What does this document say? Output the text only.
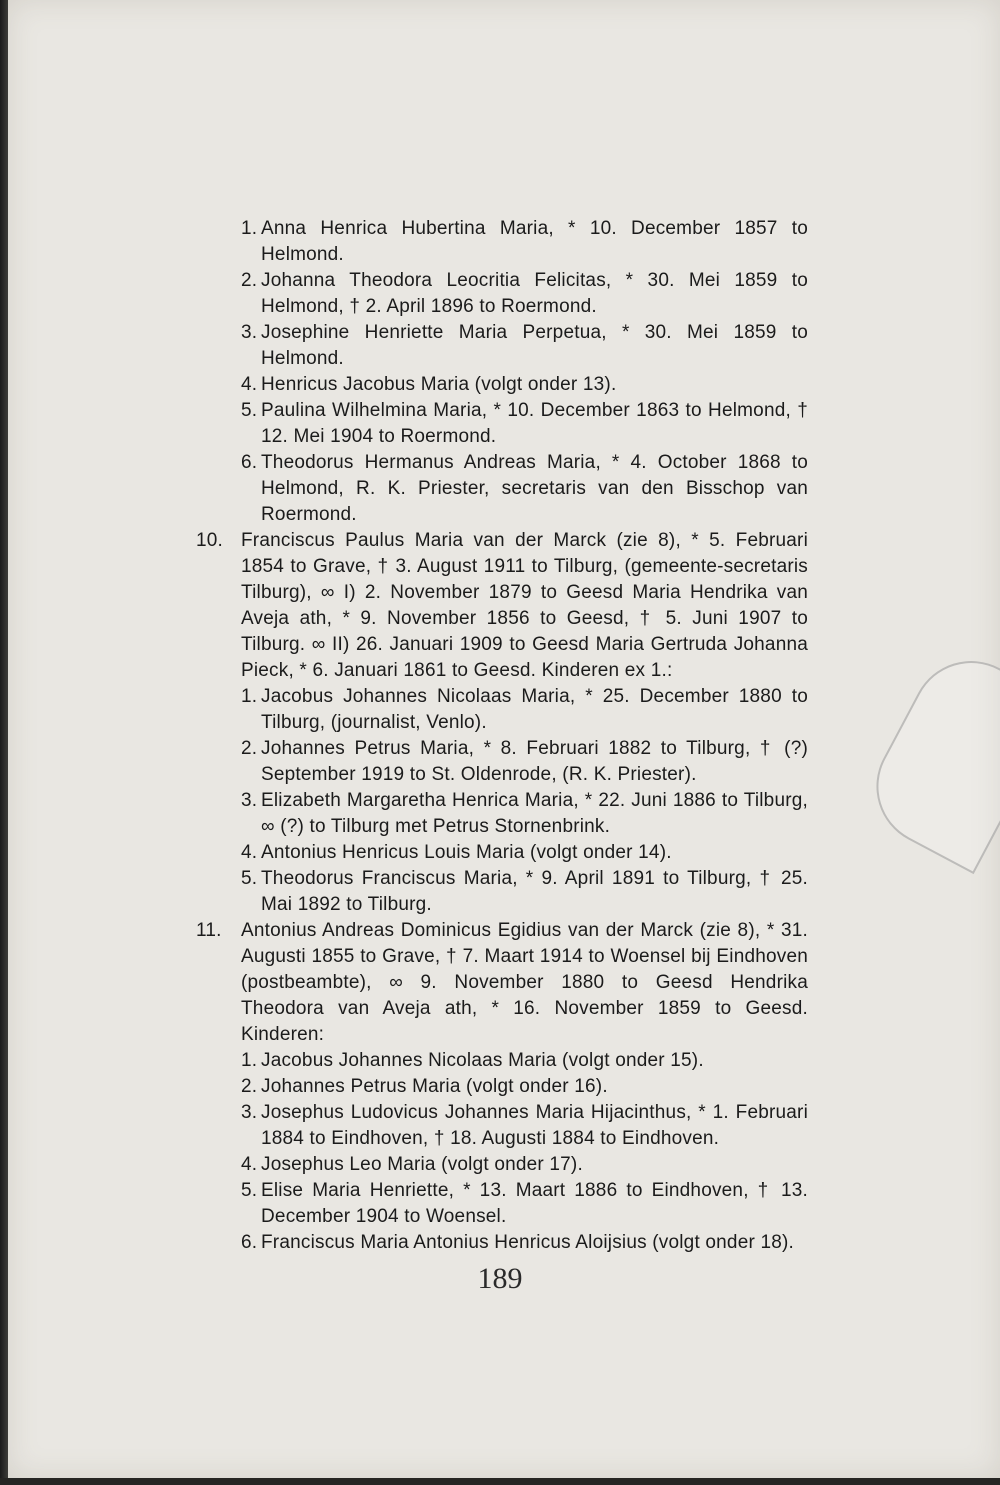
1. Anna Henrica Hubertina Maria, * 10. December 1857 to Helmond.
2. Johanna Theodora Leocritia Felicitas, * 30. Mei 1859 to Helmond, † 2. April 1896 to Roermond.
3. Josephine Henriette Maria Perpetua, * 30. Mei 1859 to Helmond.
4. Henricus Jacobus Maria (volgt onder 13).
5. Paulina Wilhelmina Maria, * 10. December 1863 to Helmond, † 12. Mei 1904 to Roermond.
6. Theodorus Hermanus Andreas Maria, * 4. October 1868 to Helmond, R. K. Priester, secretaris van den Bisschop van Roermond.
10. Franciscus Paulus Maria van der Marck (zie 8), * 5. Februari 1854 to Grave, † 3. August 1911 to Tilburg, (gemeente-secretaris Tilburg), ∞ I) 2. November 1879 to Geesd Maria Hendrika van Aveja ath, * 9. November 1856 to Geesd, † 5. Juni 1907 to Tilburg. ∞ II) 26. Januari 1909 to Geesd Maria Gertruda Johanna Pieck, * 6. Januari 1861 to Geesd. Kinderen ex 1.:
1. Jacobus Johannes Nicolaas Maria, * 25. December 1880 to Tilburg, (journalist, Venlo).
2. Johannes Petrus Maria, * 8. Februari 1882 to Tilburg, † (?) September 1919 to St. Oldenrode, (R. K. Priester).
3. Elizabeth Margaretha Henrica Maria, * 22. Juni 1886 to Tilburg, ∞ (?) to Tilburg met Petrus Stornenbrink.
4. Antonius Henricus Louis Maria (volgt onder 14).
5. Theodorus Franciscus Maria, * 9. April 1891 to Tilburg, † 25. Mai 1892 to Tilburg.
11.	Antonius Andreas Dominicus Egidius van der Marck (zie 8), * 31. Augusti 1855 to Grave, † 7. Maart 1914 to Woensel bij Eindhoven (postbeambte), ∞ 9. November 1880 to Geesd Hendrika Theodora van Aveja ath, * 16. November 1859 to Geesd. Kinderen:
1. Jacobus Johannes Nicolaas Maria (volgt onder 15).
2. Johannes Petrus Maria (volgt onder 16).
3. Josephus Ludovicus Johannes Maria Hijacinthus, * 1. Februari 1884 to Eindhoven, † 18. Augusti 1884 to Eindhoven.
4. Josephus Leo Maria (volgt onder 17).
5. Elise Maria Henriette, * 13. Maart 1886 to Eindhoven, † 13. December 1904 to Woensel.
6. Franciscus Maria Antonius Henricus Aloijsius (volgt onder 18).
189
